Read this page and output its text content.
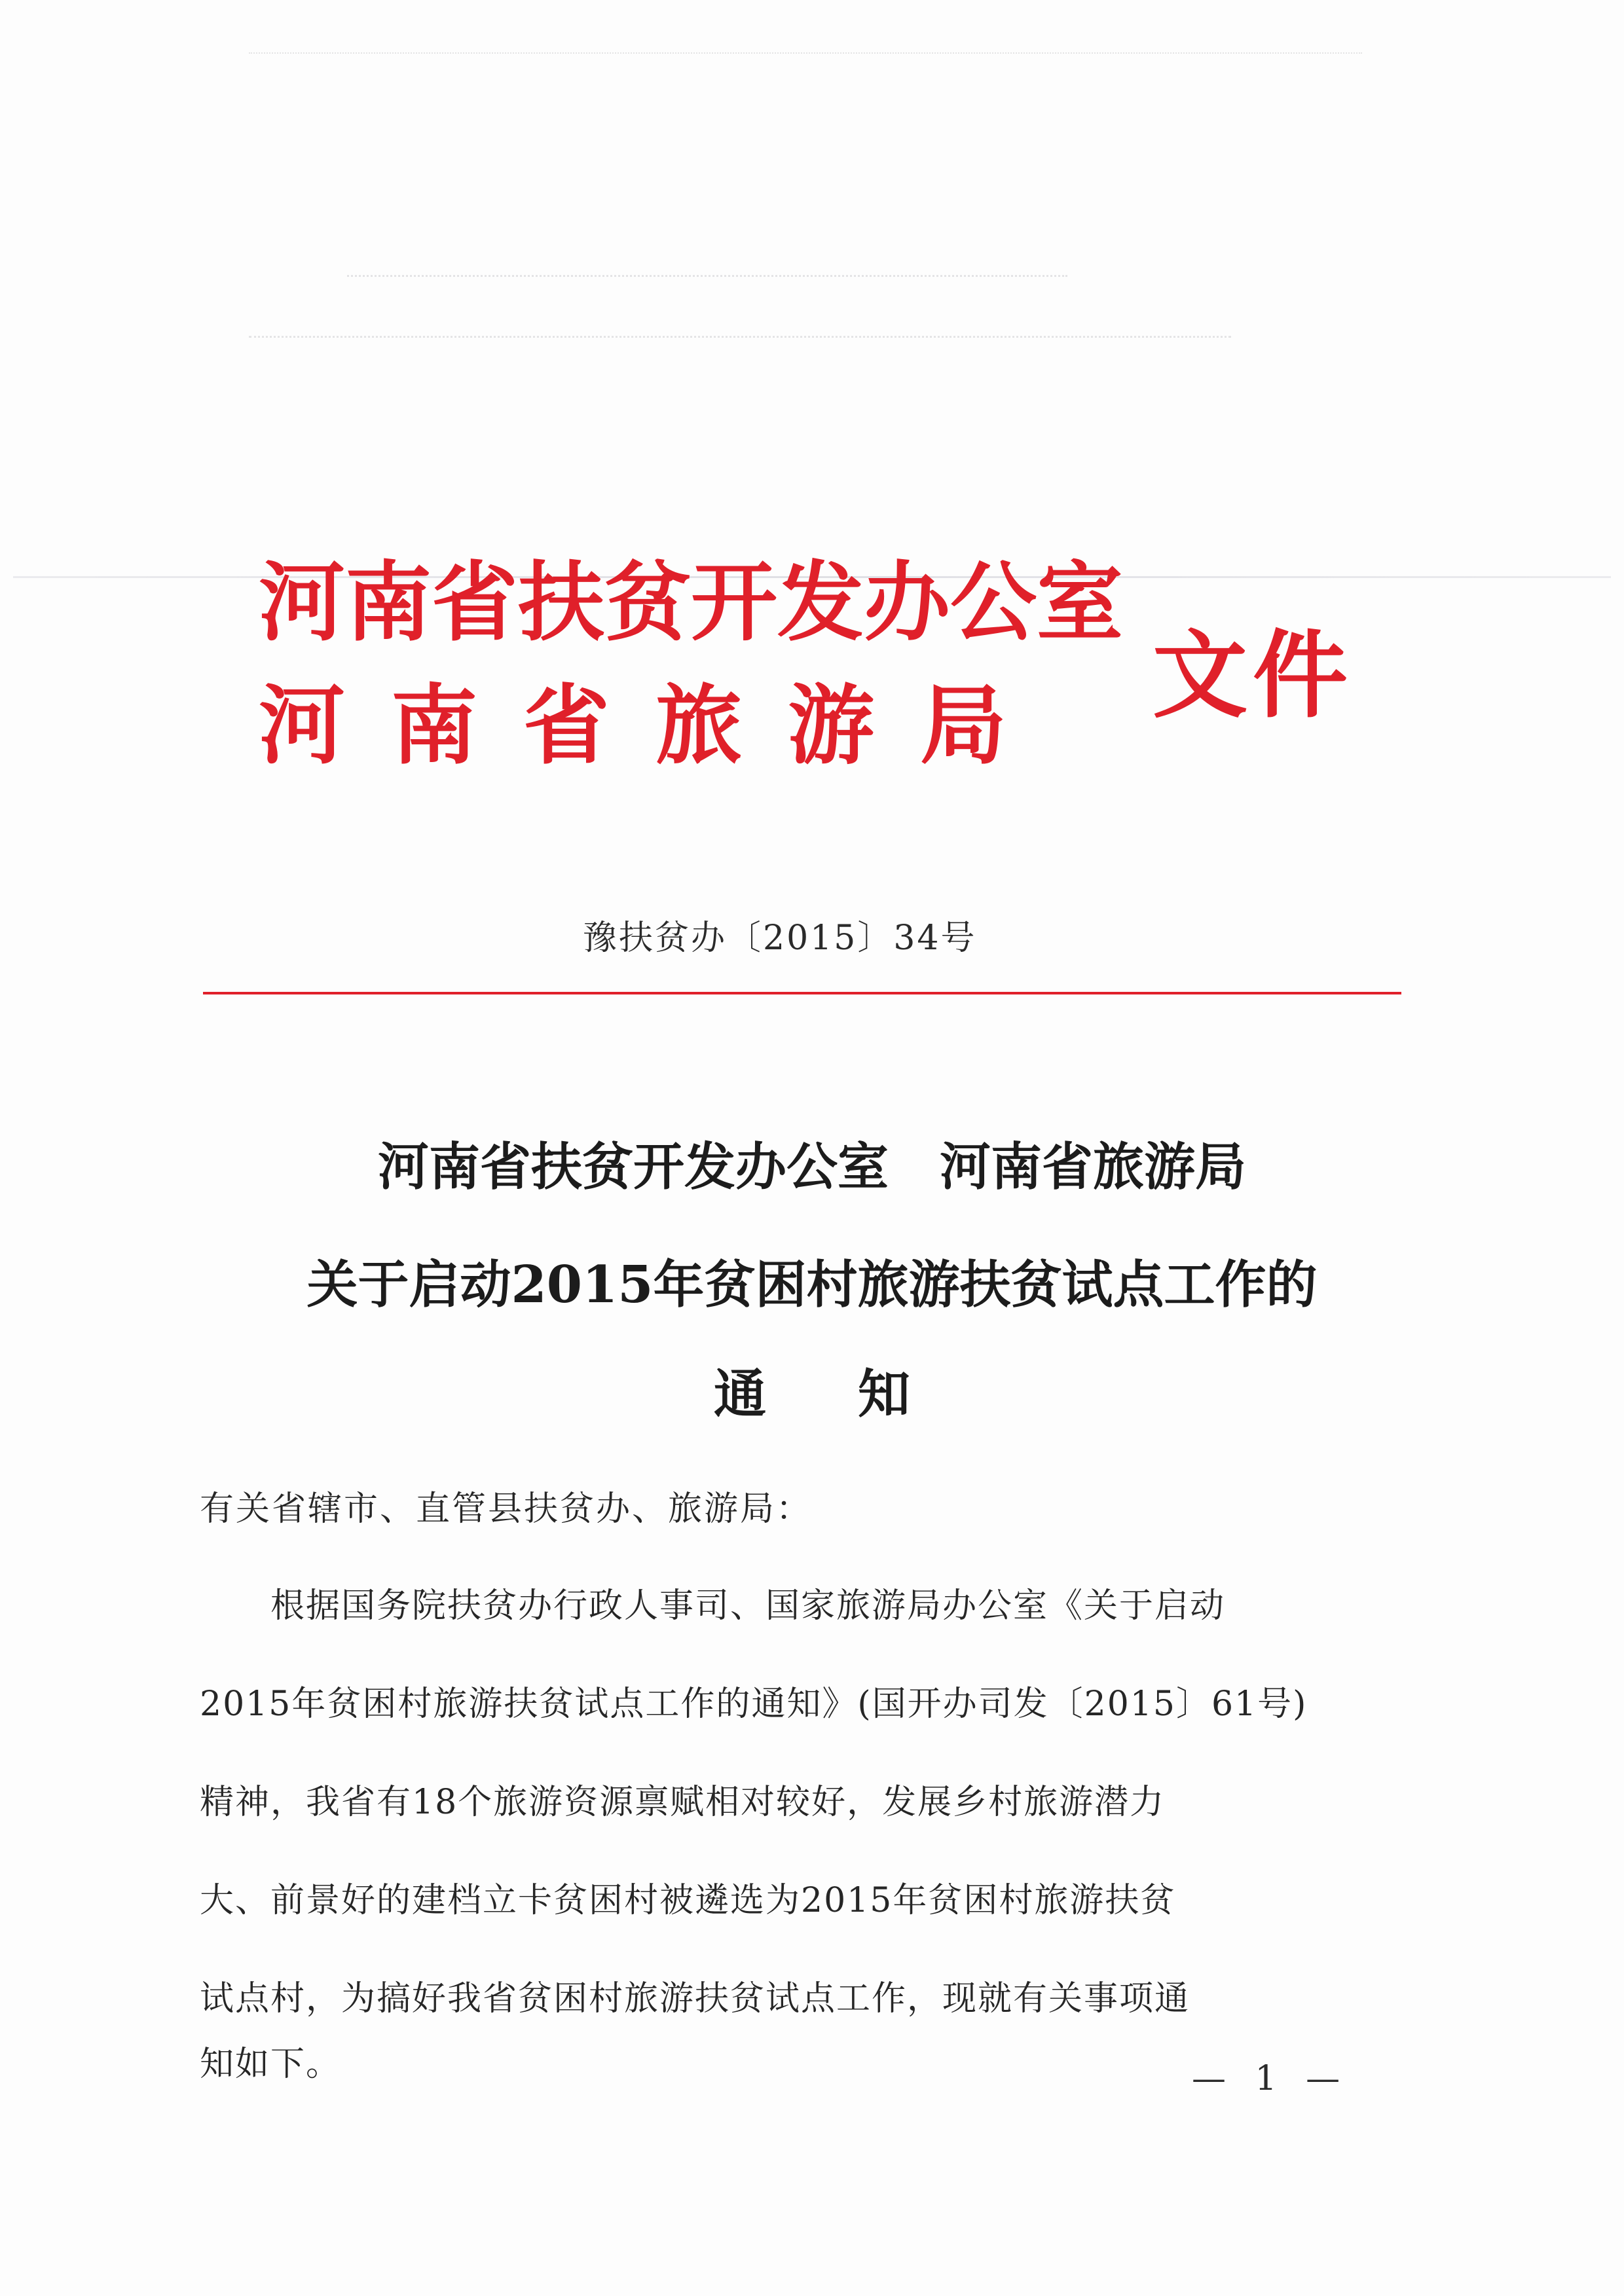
河南省扶贫开发办公室
河南省旅游局	文件
豫扶贫办〔2015〕34号
河南省扶贫开发办公室　河南省旅游局
关于启动2015年贫困村旅游扶贫试点工作的
通知
有关省辖市、直管县扶贫办、旅游局：
　　根据国务院扶贫办行政人事司、国家旅游局办公室《关于启动
2015年贫困村旅游扶贫试点工作的通知》(国开办司发〔2015〕61号)
精神，我省有18个旅游资源禀赋相对较好，发展乡村旅游潜力
大、前景好的建档立卡贫困村被遴选为2015年贫困村旅游扶贫
试点村，为搞好我省贫困村旅游扶贫试点工作，现就有关事项通
知如下。	— 1 —
